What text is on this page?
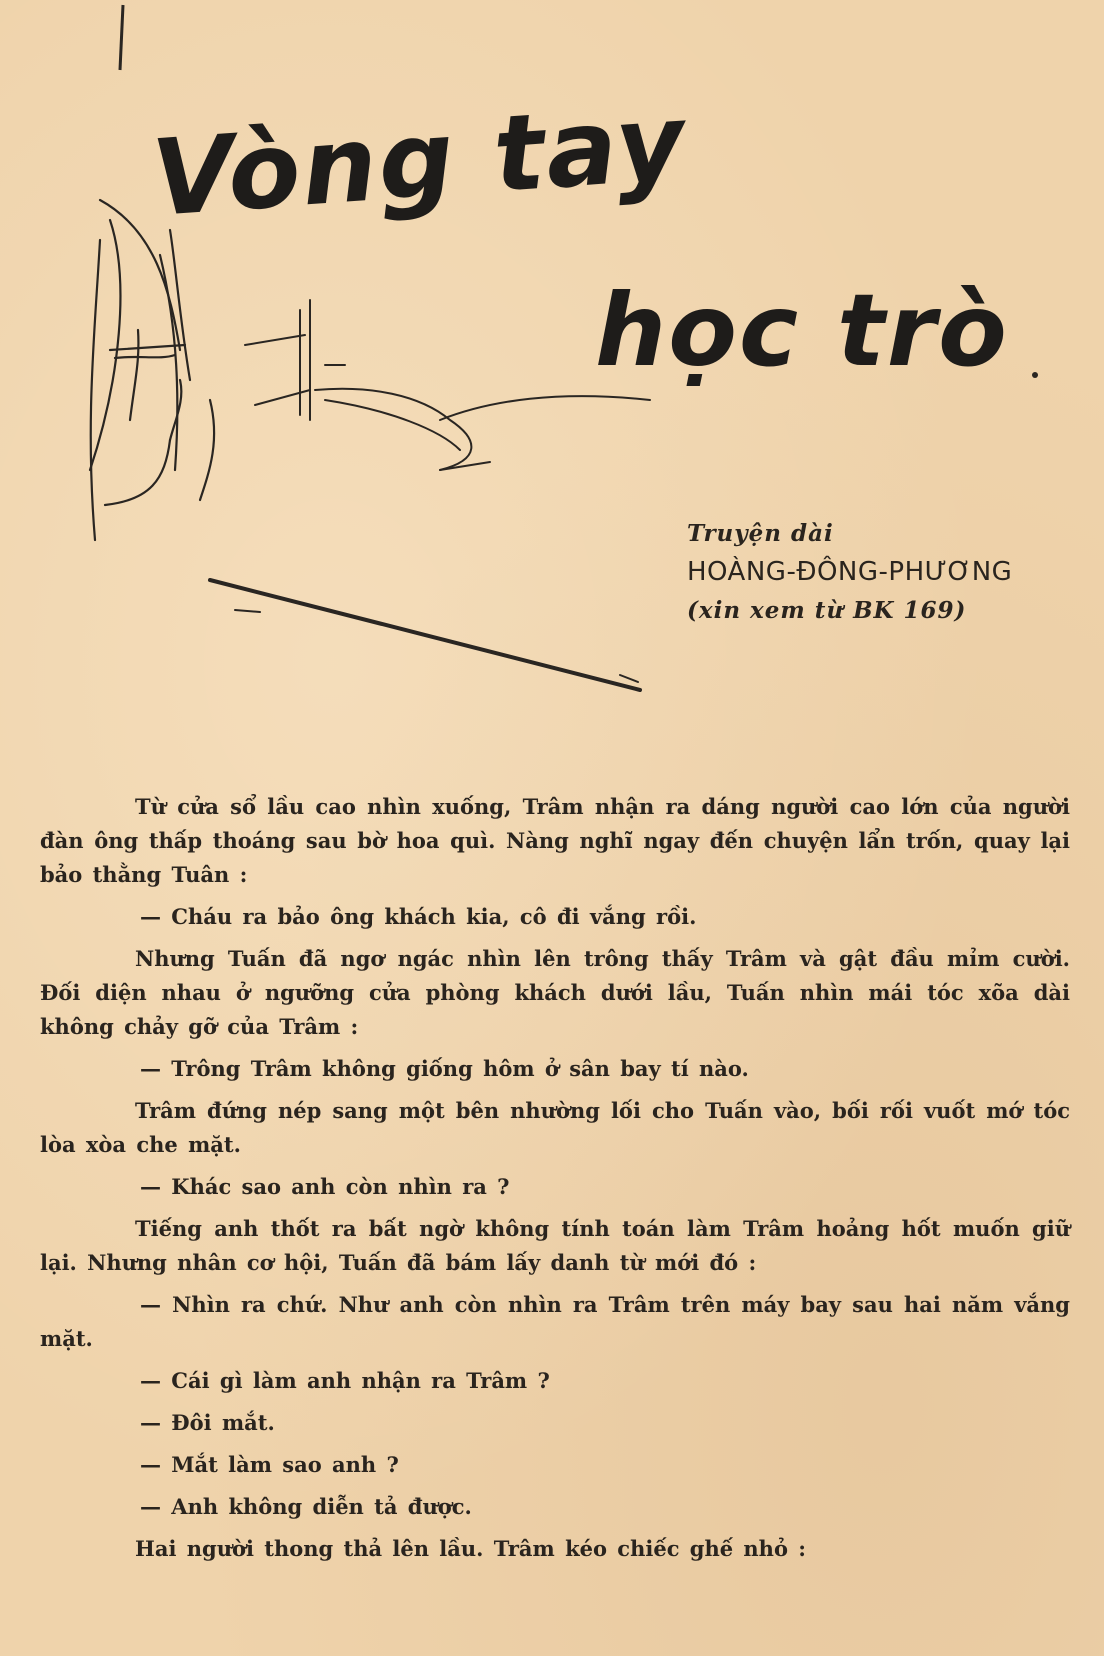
Vòng tay
học trò

Truyện dài

HOÀNG-ĐÔNG-PHƯƠNG

(xin xem từ BK 169)

Từ cửa sổ lầu cao nhìn xuống, Trâm nhận ra dáng người cao lớn của người đàn ông thấp thoáng sau bờ hoa quì. Nàng nghĩ ngay đến chuyện lẩn trốn, quay lại bảo thằng Tuân :

— Cháu ra bảo ông khách kia, cô đi vắng rồi.

Nhưng Tuấn đã ngơ ngác nhìn lên trông thấy Trâm và gật đầu mỉm cười. Đối diện nhau ở ngưỡng cửa phòng khách dưới lầu, Tuấn nhìn mái tóc xõa dài không chảy gỡ của Trâm :

— Trông Trâm không giống hôm ở sân bay tí nào.

Trâm đứng nép sang một bên nhường lối cho Tuấn vào, bối rối vuốt mớ tóc lòa xòa che mặt.

— Khác sao anh còn nhìn ra ?

Tiếng anh thốt ra bất ngờ không tính toán làm Trâm hoảng hốt muốn giữ lại. Nhưng nhân cơ hội, Tuấn đã bám lấy danh từ mới đó :

— Nhìn ra chứ. Như anh còn nhìn ra Trâm trên máy bay sau hai năm vắng mặt.

— Cái gì làm anh nhận ra Trâm ?

— Đôi mắt.

— Mắt làm sao anh ?

— Anh không diễn tả được.

Hai người thong thả lên lầu. Trâm kéo chiếc ghế nhỏ :
